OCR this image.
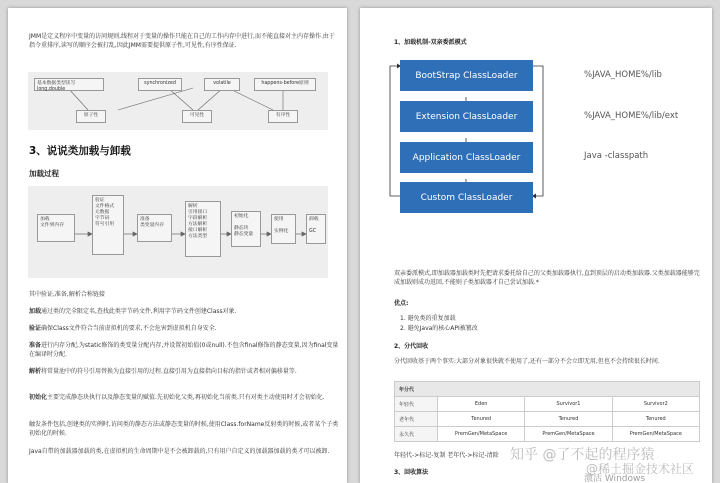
JMM是定义程序中变量的访问规则,线程对于变量的操作只能在自己的工作内存中进行,而不能直接对主内存操作.由于指令重排序,读写的顺序会被打乱,因此JMM需要提供原子性,可见性,有序性保证.
基本数据类型读写long,double
synchronized	volatile	happens-before原则
原子性	可见性	有序性
3、说说类加载与卸载
加载过程
加载
文件到内存
验证
文件格式
元数据
字节码
符号引用
准备
类变量内存
解析
引用接口
字段解析
方法解析
接口解析
方法类型
初始化

静态块
静态变量
使用

实例化
卸载

GC
其中验证,准备,解析合称链接
加载通过类的完全限定名,查找此类字节码文件,利用字节码文件创建Class对象.
验证确保Class文件符合当前虚拟机的要求,不会危害到虚拟机自身安全.
准备进行内存分配,为static修饰的类变量分配内存,并设置初始值(0或null).不包含final修饰的静态变量,因为final变量在编译时分配.
解析将常量池中的符号引用替换为直接引用的过程.直接引用为直接指向目标的指针或者相对偏移量等.
初始化主要完成静态块执行以及静态变量的赋值.先初始化父类,再初始化当前类.只有对类主动使用时才会初始化.
触发条件包括,创建类的实例时,访问类的静态方法或静态变量的时候,使用Class.forName反射类的时候,或者某个子类初始化的时候.
Java自带的加载器加载的类,在虚拟机的生命周期中是不会被卸载的,只有用户自定义的加载器加载的类才可以被卸.
1、加载机制-双亲委派模式
BootStrap ClassLoader
Extension ClassLoader
Application ClassLoader
Custom ClassLoader
%JAVA_HOME%/lib
%JAVA_HOME%/lib/ext
Java -classpath
双亲委派模式,即加载器加载类时先把请求委托给自己的父类加载器执行,直到顶层的启动类加载器.父类加载器能够完成加载则成功返回,不能则子类加载器才自己尝试加载.*
优点:
1. 避免类的重复加载
2. 避免Java的核心API被篡改
2、分代回收
分代回收基于两个事实:大部分对象很快就不使用了,还有一部分不会立即无用,但也不会持续很长时间.
年分代			
年轻代	Eden	Survivor1	Survivor2
老年代	Tenured	Tenured	Tenured
永久代	PremGen/MetaSpace	PremGen/MetaSpace	PremGen/MetaSpace
年轻代->标记-复制 老年代->标记-清除
3、回收算法
知乎 @了不起的程序猿
@稀土掘金技术社区
激活 Windows
